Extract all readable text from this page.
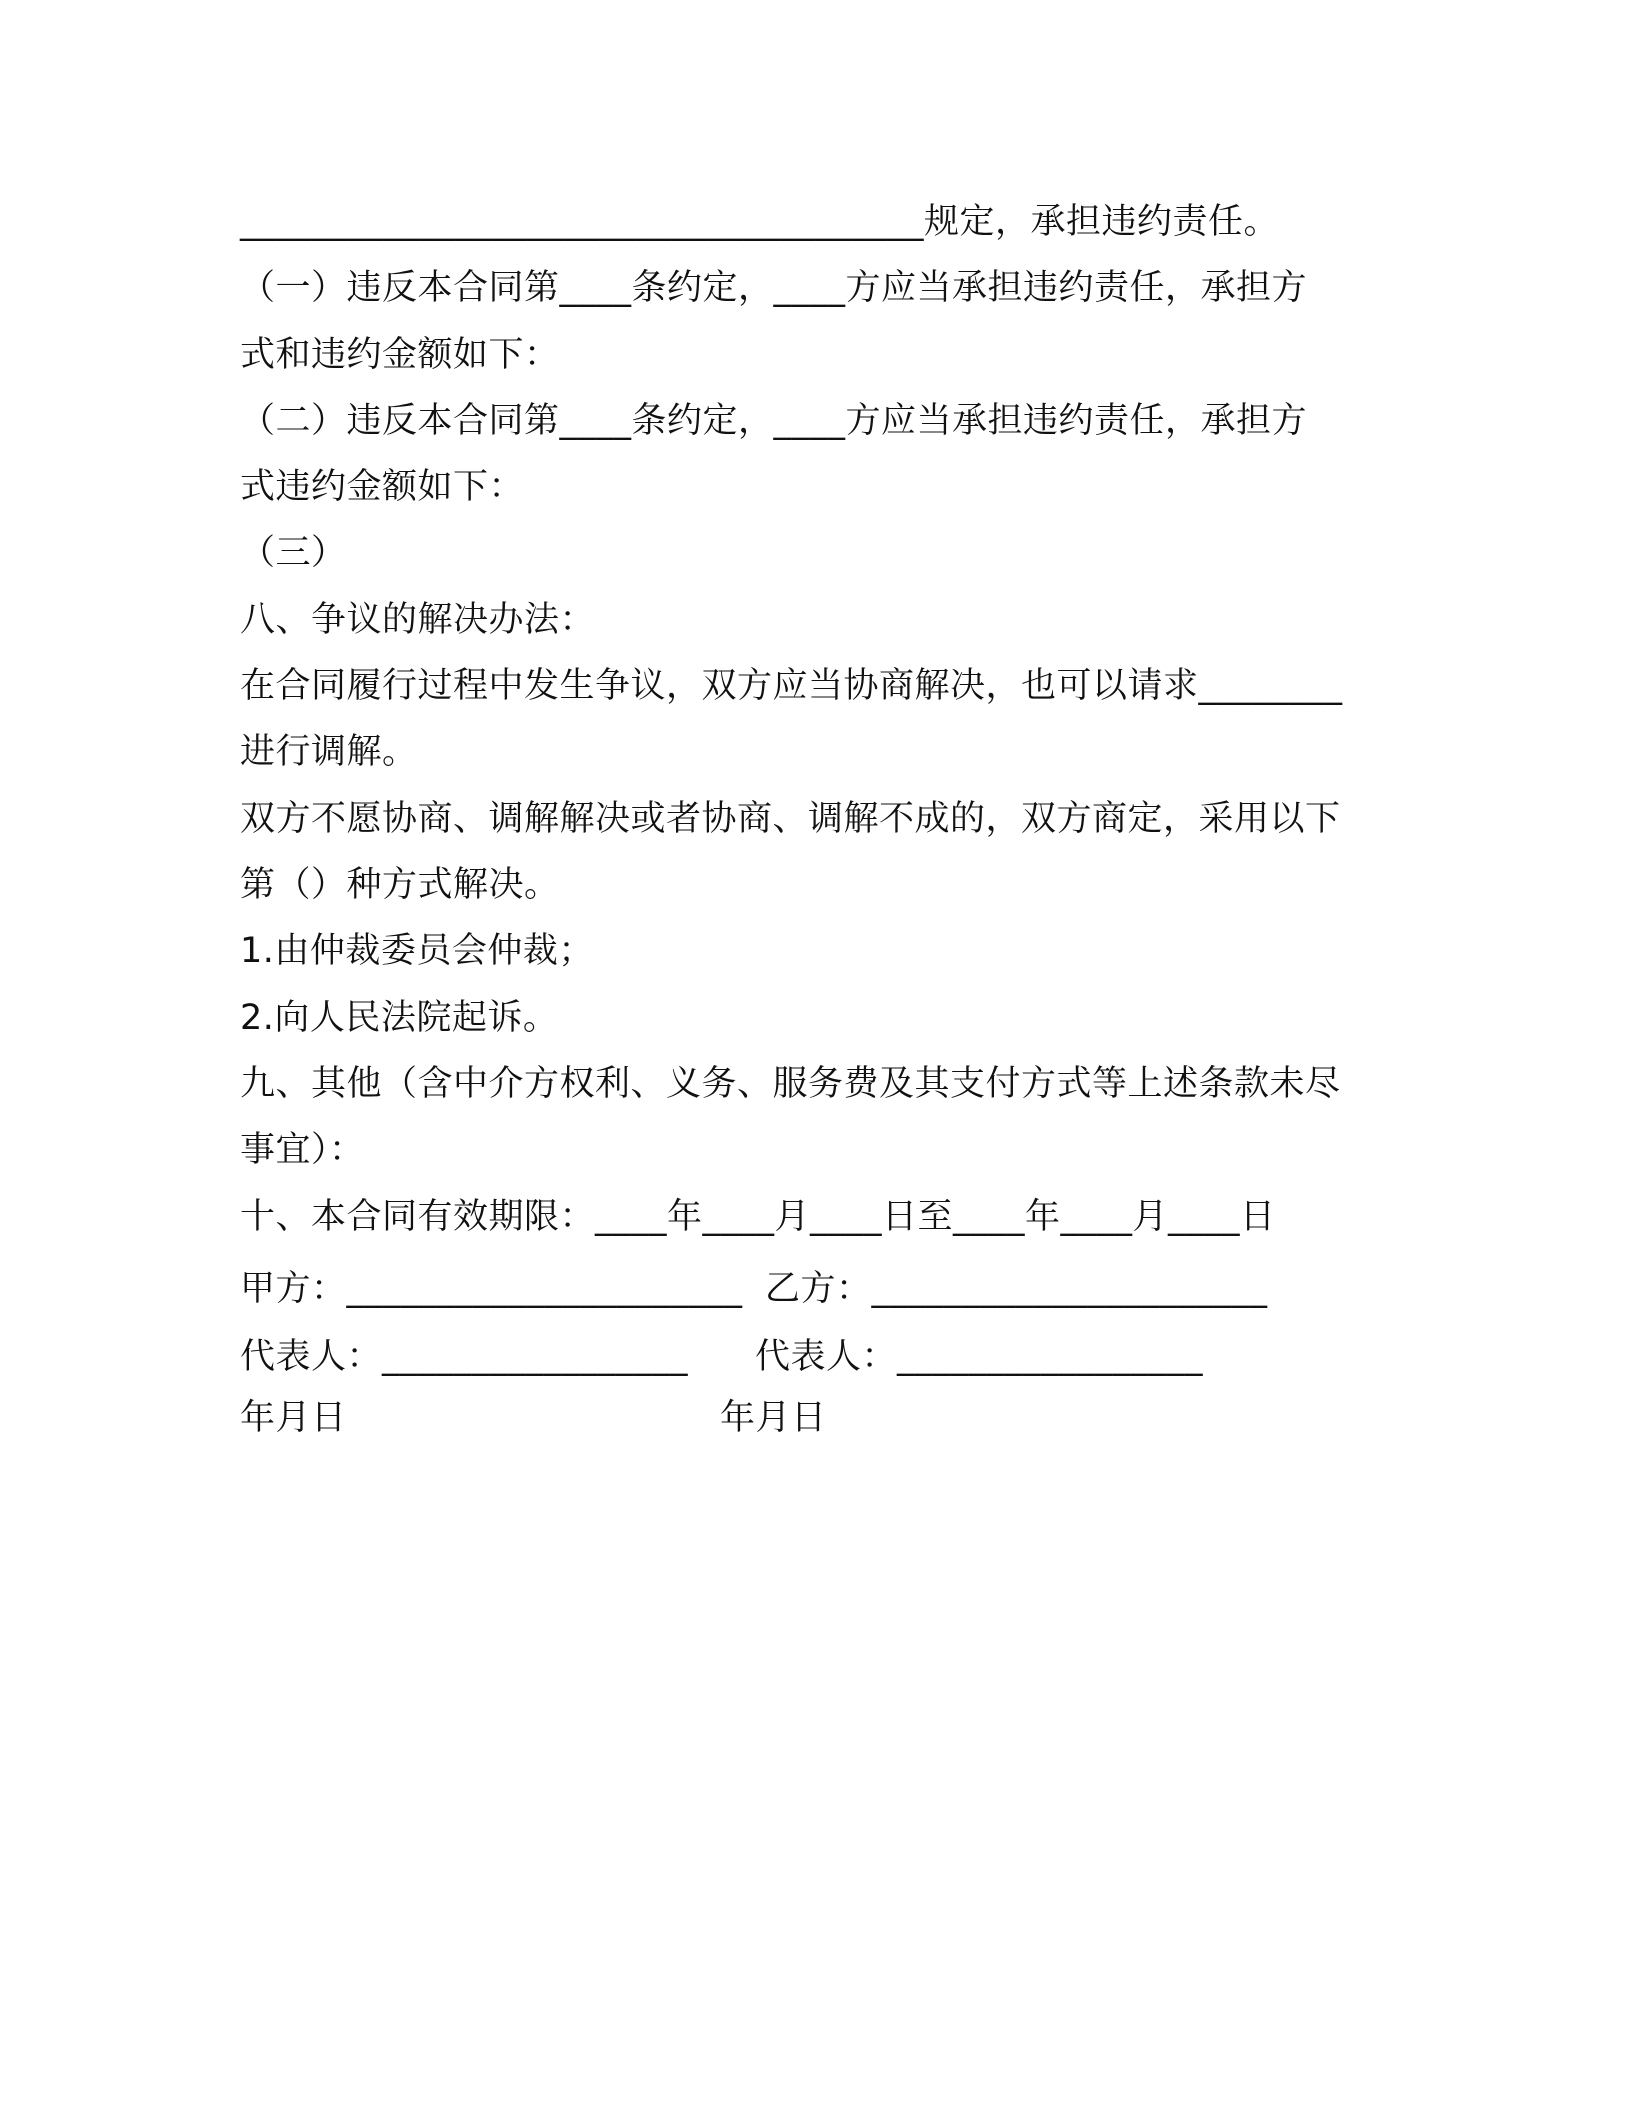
______________________________________规定，承担违约责任。
（一）违反本合同第____条约定，____方应当承担违约责任，承担方
式和违约金额如下：
（二）违反本合同第____条约定，____方应当承担违约责任，承担方
式违约金额如下：
（三）
八、争议的解决办法：
在合同履行过程中发生争议，双方应当协商解决，也可以请求________
进行调解。
双方不愿协商、调解解决或者协商、调解不成的，双方商定，采用以下
第（）种方式解决。
1.由仲裁委员会仲裁；
2.向人民法院起诉。
九、其他（含中介方权利、义务、服务费及其支付方式等上述条款未尽
事宜）：
十、本合同有效期限：____年____月____日至____年____月____日
甲方：______________________ 乙方：______________________
代表人：_________________ 代表人：_________________
年月日	年月日
